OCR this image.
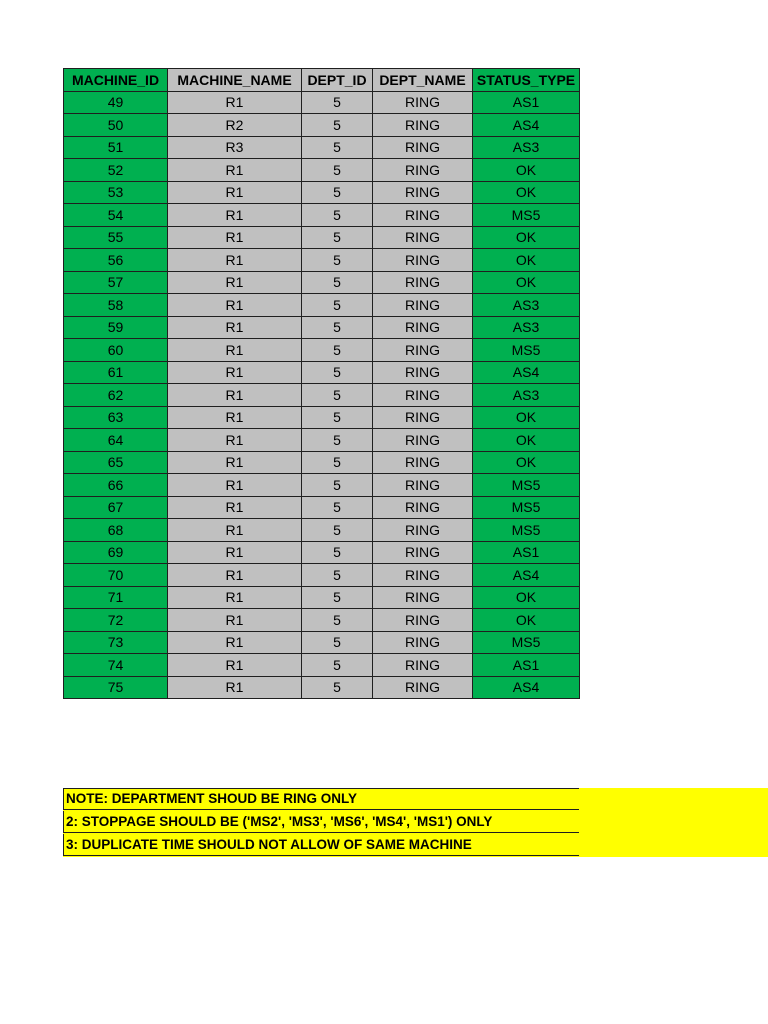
MACHINE_ID	MACHINE_NAME	DEPT_ID	DEPT_NAME	STATUS_TYPE
49	R1	5	RING	AS1
50	R2	5	RING	AS4
51	R3	5	RING	AS3
52	R1	5	RING	OK
53	R1	5	RING	OK
54	R1	5	RING	MS5
55	R1	5	RING	OK
56	R1	5	RING	OK
57	R1	5	RING	OK
58	R1	5	RING	AS3
59	R1	5	RING	AS3
60	R1	5	RING	MS5
61	R1	5	RING	AS4
62	R1	5	RING	AS3
63	R1	5	RING	OK
64	R1	5	RING	OK
65	R1	5	RING	OK
66	R1	5	RING	MS5
67	R1	5	RING	MS5
68	R1	5	RING	MS5
69	R1	5	RING	AS1
70	R1	5	RING	AS4
71	R1	5	RING	OK
72	R1	5	RING	OK
73	R1	5	RING	MS5
74	R1	5	RING	AS1
75	R1	5	RING	AS4
NOTE: DEPARTMENT SHOUD BE RING ONLY
2: STOPPAGE SHOULD BE ('MS2', 'MS3', 'MS6', 'MS4', 'MS1') ONLY
3: DUPLICATE TIME SHOULD NOT ALLOW OF SAME MACHINE
